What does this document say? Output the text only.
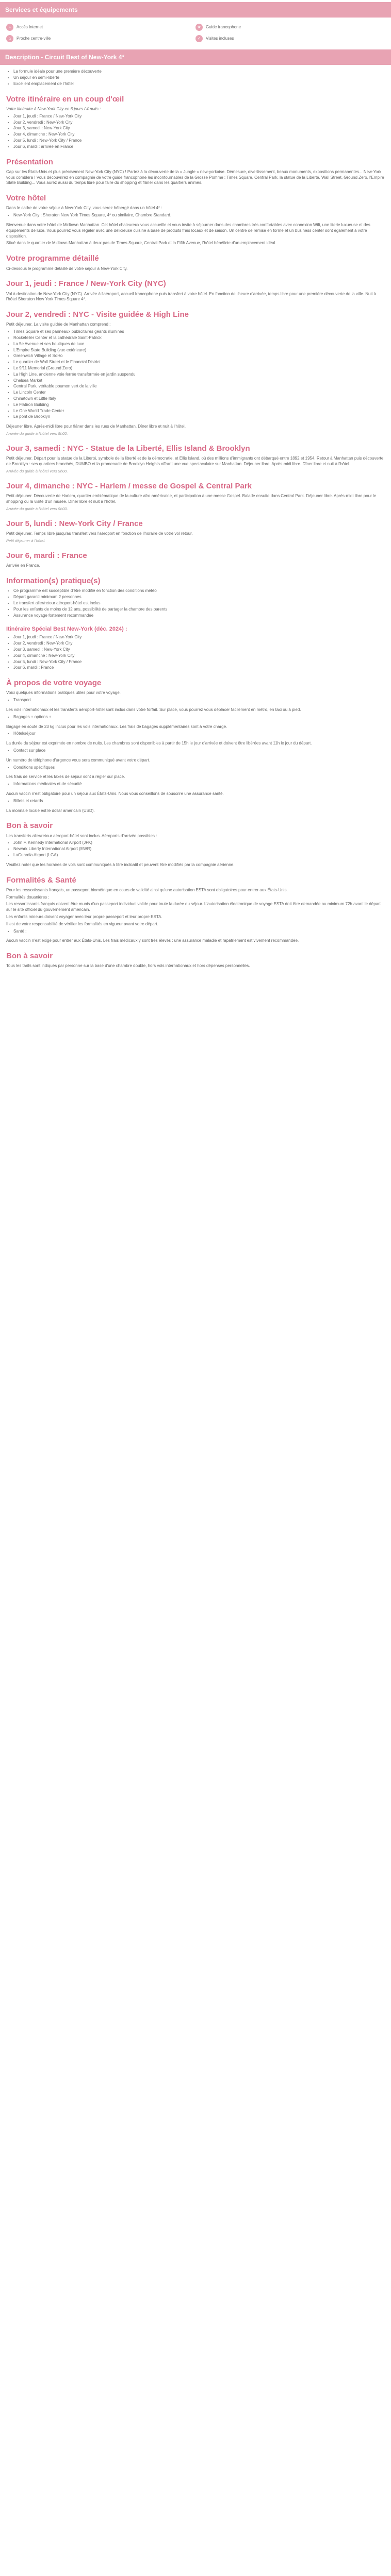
Services et équipements
⌁	Accès Internet	★	Guide francophone
⌂	Proche centre-ville	✓	Visites incluses
Description - Circuit Best of New-York 4*
• La formule idéale pour une première découverte
• Un séjour en semi-liberté
• Excellent emplacement de l'hôtel
Votre itinéraire en un coup d'œil

Votre itinéraire à New-York City en 6 jours / 4 nuits :

• Jour 1, jeudi : France / New-York City
• Jour 2, vendredi : New-York City
• Jour 3, samedi : New-York City
• Jour 4, dimanche : New-York City
• Jour 5, lundi : New-York City / France
• Jour 6, mardi : arrivée en France
Présentation

Cap sur les États-Unis et plus précisément New-York City (NYC) ! Partez à la découverte de la « Jungle » new-yorkaise. Démesure, divertissement, beaux monuments, expositions permanentes... New-York vous comblera ! Vous découvrirez en compagnie de votre guide francophone les incontournables de la Grosse Pomme : Times Square, Central Park, la statue de la Liberté, Wall Street, Ground Zero, l'Empire State Building... Vous aurez aussi du temps libre pour faire du shopping et flâner dans les quartiers animés.

Votre hôtel

Dans le cadre de votre séjour à New-York City, vous serez hébergé dans un hôtel 4* :

• New-York City : Sheraton New York Times Square, 4* ou similaire, Chambre Standard.

Bienvenue dans votre hôtel de Midtown Manhattan. Cet hôtel chaleureux vous accueille et vous invite à séjourner dans des chambres très confortables avec connexion Wifi, une literie luxueuse et des équipements de luxe. Vous pourrez vous régaler avec une délicieuse cuisine à base de produits frais locaux et de saison. Un centre de remise en forme et un business center sont également à votre disposition.

Situé dans le quartier de Midtown Manhattan à deux pas de Times Square, Central Park et la Fifth Avenue, l'hôtel bénéficie d'un emplacement idéal.

Votre programme détaillé

Ci-dessous le programme détaillé de votre séjour à New-York City.

Jour 1, jeudi : France / New-York City (NYC)

Vol à destination de New-York City (NYC). Arrivée à l'aéroport, accueil francophone puis transfert à votre hôtel. En fonction de l'heure d'arrivée, temps libre pour une première découverte de la ville. Nuit à l'hôtel Sheraton New York Times Square 4*.

Jour 2, vendredi : NYC - Visite guidée & High Line

Petit déjeuner. La visite guidée de Manhattan comprend :

• Times Square et ses panneaux publicitaires géants illuminés
• Rockefeller Center et la cathédrale Saint-Patrick
• La 5e Avenue et ses boutiques de luxe
• L'Empire State Building (vue extérieure)
• Greenwich Village et SoHo
• Le quartier de Wall Street et le Financial District
• Le 9/11 Memorial (Ground Zero)
• La High Line, ancienne voie ferrée transformée en jardin suspendu
• Chelsea Market
• Central Park, véritable poumon vert de la ville
• Le Lincoln Center
• Chinatown et Little Italy
• Le Flatiron Building
• Le One World Trade Center
• Le pont de Brooklyn

Déjeuner libre. Après-midi libre pour flâner dans les rues de Manhattan. Dîner libre et nuit à l'hôtel.

Arrivée du guide à l'hôtel vers 9h00.

Jour 3, samedi : NYC - Statue de la Liberté, Ellis Island & Brooklyn

Petit déjeuner. Départ pour la statue de la Liberté, symbole de la liberté et de la démocratie, et Ellis Island, où des millions d'immigrants ont débarqué entre 1892 et 1954. Retour à Manhattan puis découverte de Brooklyn : ses quartiers branchés, DUMBO et la promenade de Brooklyn Heights offrant une vue spectaculaire sur Manhattan. Déjeuner libre. Après-midi libre. Dîner libre et nuit à l'hôtel.

Arrivée du guide à l'hôtel vers 9h00.

Jour 4, dimanche : NYC - Harlem / messe de Gospel & Central Park

Petit déjeuner. Découverte de Harlem, quartier emblématique de la culture afro-américaine, et participation à une messe Gospel. Balade ensuite dans Central Park. Déjeuner libre. Après-midi libre pour le shopping ou la visite d'un musée. Dîner libre et nuit à l'hôtel.

Arrivée du guide à l'hôtel vers 9h00.

Jour 5, lundi : New-York City / France

Petit déjeuner. Temps libre jusqu'au transfert vers l'aéroport en fonction de l'horaire de votre vol retour.

Petit déjeuner à l'hôtel.

Jour 6, mardi : France

Arrivée en France.

Information(s) pratique(s)
• Ce programme est susceptible d'être modifié en fonction des conditions météo
• Départ garanti minimum 2 personnes
• Le transfert aller/retour aéroport-hôtel est inclus
• Pour les enfants de moins de 12 ans, possibilité de partager la chambre des parents
• Assurance voyage fortement recommandée
Itinéraire Spécial Best New-York (déc. 2024) :
• Jour 1, jeudi : France / New-York City
• Jour 2, vendredi : New-York City
• Jour 3, samedi : New-York City
• Jour 4, dimanche : New-York City
• Jour 5, lundi : New-York City / France
• Jour 6, mardi : France
À propos de votre voyage

Voici quelques informations pratiques utiles pour votre voyage.

• Transport

Les vols internationaux et les transferts aéroport-hôtel sont inclus dans votre forfait. Sur place, vous pourrez vous déplacer facilement en métro, en taxi ou à pied.

• Bagages + options +

Bagage en soute de 23 kg inclus pour les vols internationaux. Les frais de bagages supplémentaires sont à votre charge.

• Hôtel/séjour

La durée du séjour est exprimée en nombre de nuits. Les chambres sont disponibles à partir de 15h le jour d'arrivée et doivent être libérées avant 11h le jour du départ.

• Contact sur place

Un numéro de téléphone d'urgence vous sera communiqué avant votre départ.

• Conditions spécifiques

Les frais de service et les taxes de séjour sont à régler sur place.

• Informations médicales et de sécurité

Aucun vaccin n'est obligatoire pour un séjour aux États-Unis. Nous vous conseillons de souscrire une assurance santé.

• Billets et retards

La monnaie locale est le dollar américain (USD).

Bon à savoir

Les transferts aller/retour aéroport-hôtel sont inclus. Aéroports d'arrivée possibles :

• John F. Kennedy International Airport (JFK)
• Newark Liberty International Airport (EWR)
• LaGuardia Airport (LGA)

Veuillez noter que les horaires de vols sont communiqués à titre indicatif et peuvent être modifiés par la compagnie aérienne.

Formalités & Santé

Pour les ressortissants français, un passeport biométrique en cours de validité ainsi qu'une autorisation ESTA sont obligatoires pour entrer aux États-Unis.

Formalités douanières :

Les ressortissants français doivent être munis d'un passeport individuel valide pour toute la durée du séjour. L'autorisation électronique de voyage ESTA doit être demandée au minimum 72h avant le départ sur le site officiel du gouvernement américain.

Les enfants mineurs doivent voyager avec leur propre passeport et leur propre ESTA.

Il est de votre responsabilité de vérifier les formalités en vigueur avant votre départ.

• Santé :

Aucun vaccin n'est exigé pour entrer aux États-Unis. Les frais médicaux y sont très élevés : une assurance maladie et rapatriement est vivement recommandée.

Bon à savoir

Tous les tarifs sont indiqués par personne sur la base d'une chambre double, hors vols internationaux et hors dépenses personnelles.
